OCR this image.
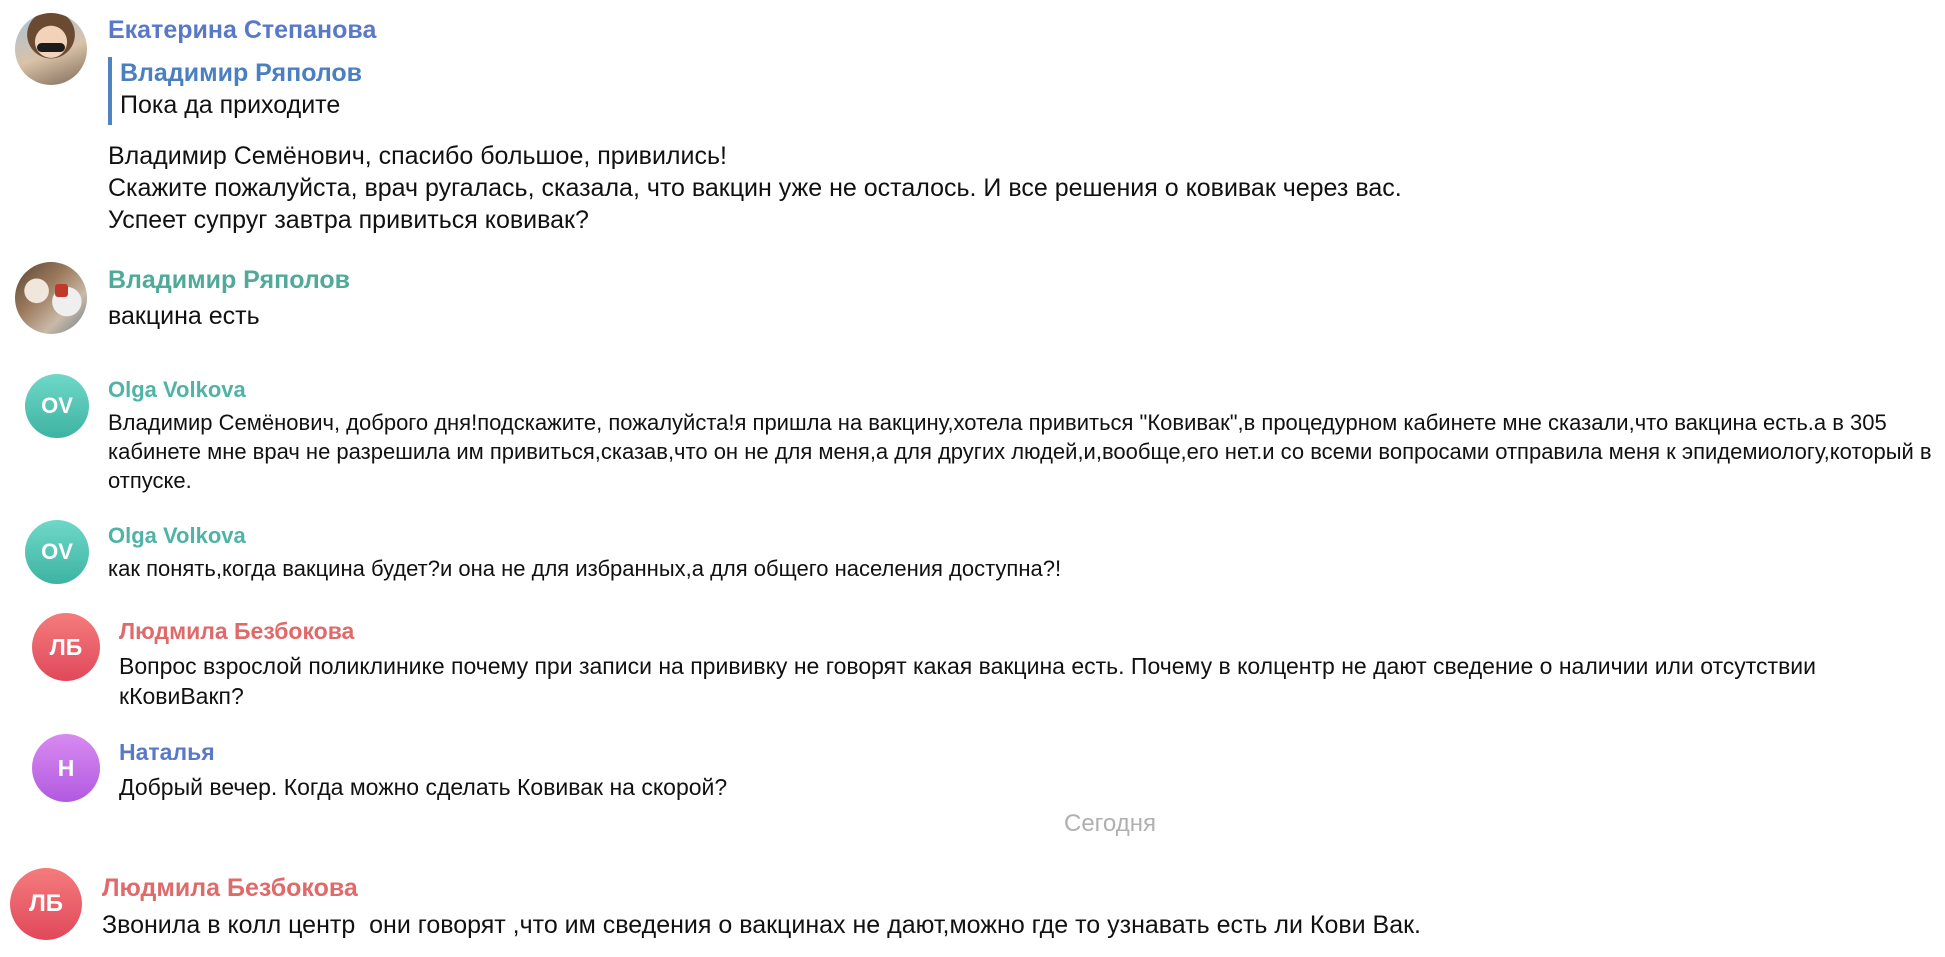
Екатерина Степанова
Владимир Ряполов
Пока да приходите
Владимир Семёнович, спасибо большое, привились!
Скажите пожалуйста, врач ругалась, сказала, что вакцин уже не осталось. И все решения о ковивак через вас.
Успеет супруг завтра привиться ковивак?
Владимир Ряполов
вакцина есть
OV
Olga Volkova
Владимир Семёнович, доброго дня!подскажите, пожалуйста!я пришла на вакцину,хотела привиться "Ковивак",в процедурном кабинете мне сказали,что вакцина есть.а в 305 кабинете мне врач не разрешила им привиться,сказав,что он не для меня,а для других людей,и,вообще,его нет.и со всеми вопросами отправила меня к эпидемиологу,который в отпуске.
OV
Olga Volkova
как понять,когда вакцина будет?и она не для избранных,а для общего населения доступна?!
ЛБ
Людмила Безбокова
Вопрос взрослой поликлинике почему при записи на прививку не говорят какая вакцина есть. Почему в колцентр не дают сведение о наличии или отсутствии кКовиВакп?
Н
Наталья
Добрый вечер. Когда можно сделать Ковивак на скорой?
Сегодня
ЛБ
Людмила Безбокова
Звонила в колл центр  они говорят ,что им сведения о вакцинах не дают,можно где то узнавать есть ли Кови Вак.
